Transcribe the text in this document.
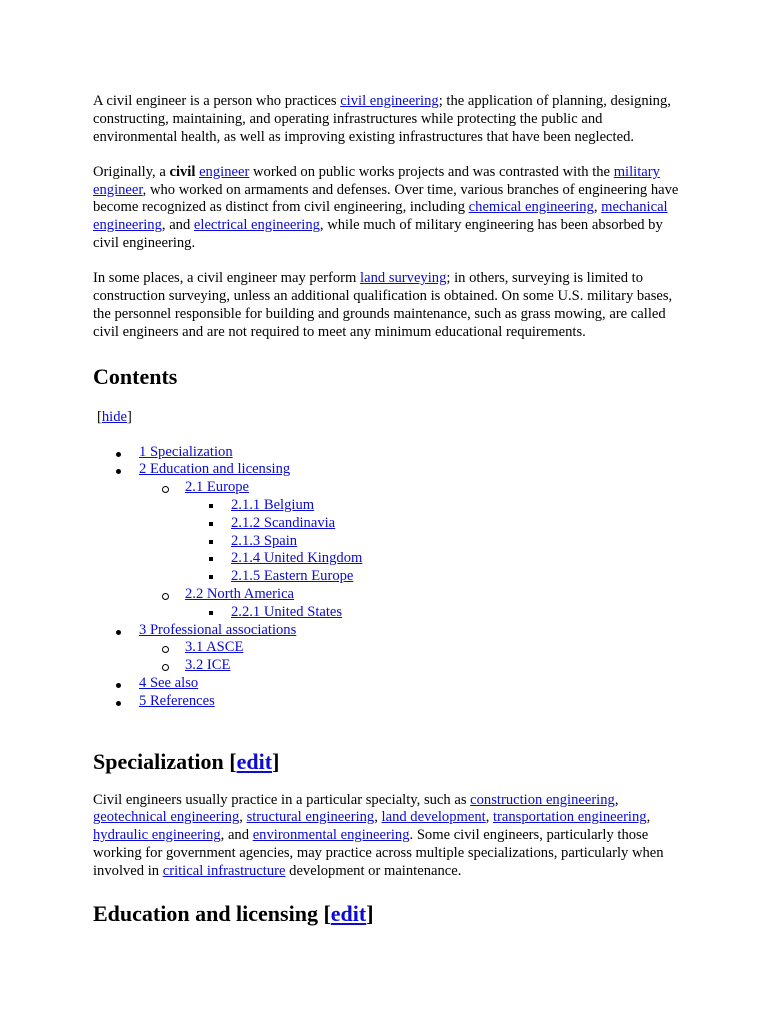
A civil engineer is a person who practices civil engineering; the application of planning, designing, constructing, maintaining, and operating infrastructures while protecting the public and environmental health, as well as improving existing infrastructures that have been neglected.

Originally, a civil engineer worked on public works projects and was contrasted with the military engineer, who worked on armaments and defenses. Over time, various branches of engineering have become recognized as distinct from civil engineering, including chemical engineering, mechanical engineering, and electrical engineering, while much of military engineering has been absorbed by civil engineering.

In some places, a civil engineer may perform land surveying; in others, surveying is limited to construction surveying, unless an additional qualification is obtained. On some U.S. military bases, the personnel responsible for building and grounds maintenance, such as grass mowing, are called civil engineers and are not required to meet any minimum educational requirements.

Contents
[hide]
1 Specialization
2 Education and licensing
2.1 Europe
2.1.1 Belgium
2.1.2 Scandinavia
2.1.3 Spain
2.1.4 United Kingdom
2.1.5 Eastern Europe
2.2 North America
2.2.1 United States
3 Professional associations
3.1 ASCE
3.2 ICE
4 See also
5 References
Specialization [edit]

Civil engineers usually practice in a particular specialty, such as construction engineering, geotechnical engineering, structural engineering, land development, transportation engineering, hydraulic engineering, and environmental engineering. Some civil engineers, particularly those working for government agencies, may practice across multiple specializations, particularly when involved in critical infrastructure development or maintenance.

Education and licensing [edit]
